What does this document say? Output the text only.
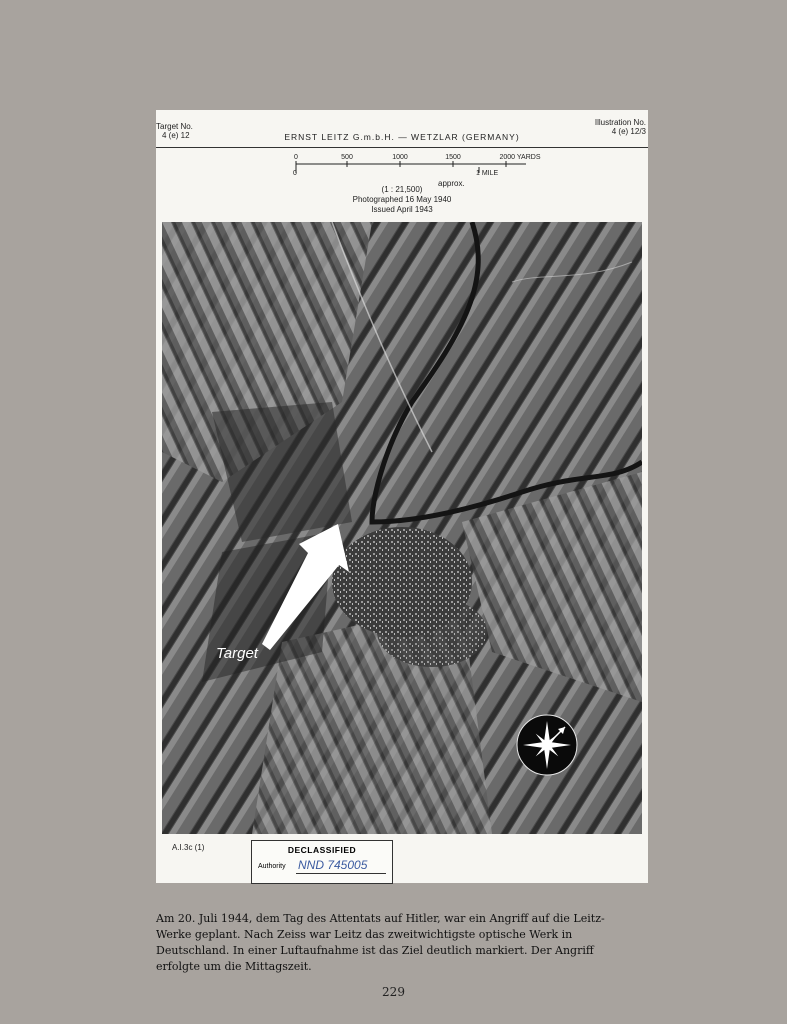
Target No.
4 (e) 12	ERNST LEITZ G.m.b.H. — WETZLAR (GERMANY)
Illustration No.
4 (e) 12/3
0	500	1000	1500	2000 YARDS
0	1 MILE
approx.
(1 : 21,500)
Photographed 16 May 1940
Issued April 1943
Target
A.I.3c (1)	DECLASSIFIED
Authority NND 745005
Am 20. Juli 1944, dem Tag des Attentats auf Hitler, war ein Angriff auf die Leitz-Werke geplant. Nach Zeiss war Leitz das zweitwichtigste optische Werk in Deutschland. In einer Luftaufnahme ist das Ziel deutlich markiert. Der Angriff erfolgte um die Mittagszeit.
229
